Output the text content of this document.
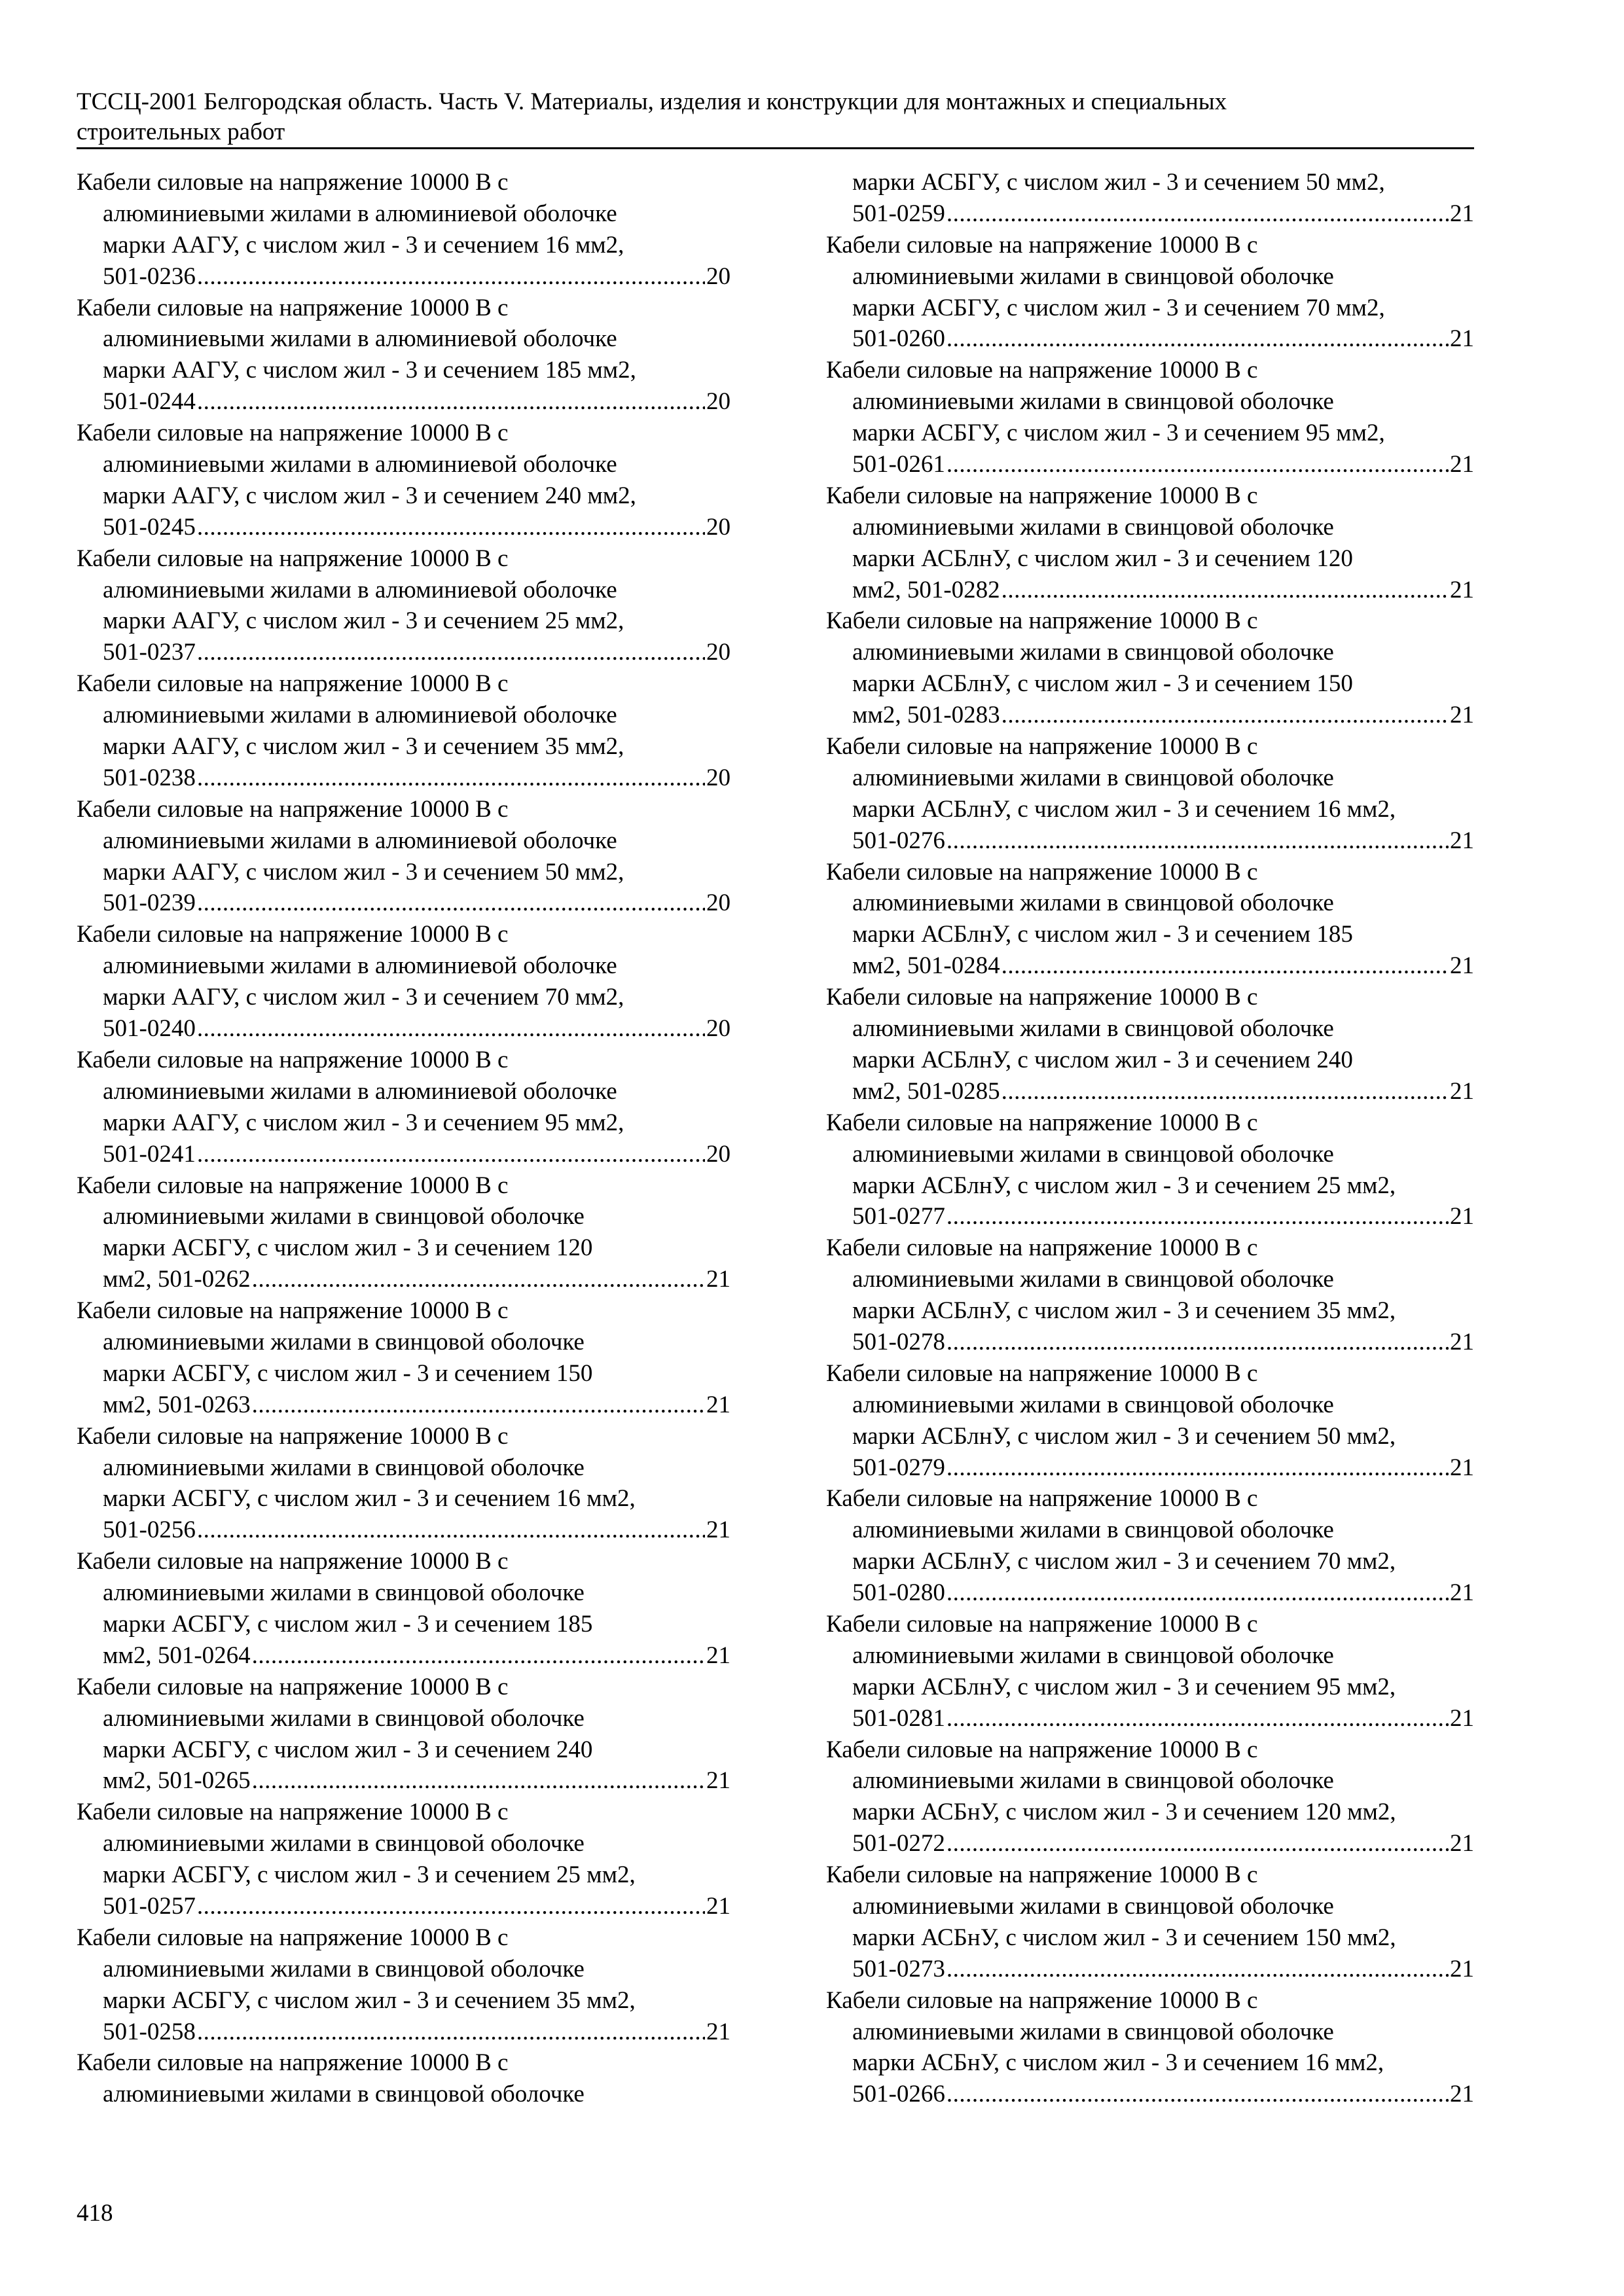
ТССЦ-2001 Белгородская область. Часть V. Материалы, изделия и конструкции для монтажных и специальных
строительных работ
Кабели силовые на напряжение 10000 В с
алюминиевыми жилами в алюминиевой оболочке
марки ААГУ, с числом жил - 3 и сечением 16 мм2,
501-0236 .....	20
Кабели силовые на напряжение 10000 В с
алюминиевыми жилами в алюминиевой оболочке
марки ААГУ, с числом жил - 3 и сечением 185 мм2,
501-0244 .....	20
Кабели силовые на напряжение 10000 В с
алюминиевыми жилами в алюминиевой оболочке
марки ААГУ, с числом жил - 3 и сечением 240 мм2,
501-0245 .....	20
Кабели силовые на напряжение 10000 В с
алюминиевыми жилами в алюминиевой оболочке
марки ААГУ, с числом жил - 3 и сечением 25 мм2,
501-0237 .....	20
Кабели силовые на напряжение 10000 В с
алюминиевыми жилами в алюминиевой оболочке
марки ААГУ, с числом жил - 3 и сечением 35 мм2,
501-0238 .....	20
Кабели силовые на напряжение 10000 В с
алюминиевыми жилами в алюминиевой оболочке
марки ААГУ, с числом жил - 3 и сечением 50 мм2,
501-0239 .....	20
Кабели силовые на напряжение 10000 В с
алюминиевыми жилами в алюминиевой оболочке
марки ААГУ, с числом жил - 3 и сечением 70 мм2,
501-0240 .....	20
Кабели силовые на напряжение 10000 В с
алюминиевыми жилами в алюминиевой оболочке
марки ААГУ, с числом жил - 3 и сечением 95 мм2,
501-0241 .....	20
Кабели силовые на напряжение 10000 В с
алюминиевыми жилами в свинцовой оболочке
марки АСБГУ, с числом жил - 3 и сечением 120
мм2, 501-0262 .....	21
Кабели силовые на напряжение 10000 В с
алюминиевыми жилами в свинцовой оболочке
марки АСБГУ, с числом жил - 3 и сечением 150
мм2, 501-0263 .....	21
Кабели силовые на напряжение 10000 В с
алюминиевыми жилами в свинцовой оболочке
марки АСБГУ, с числом жил - 3 и сечением 16 мм2,
501-0256 .....	21
Кабели силовые на напряжение 10000 В с
алюминиевыми жилами в свинцовой оболочке
марки АСБГУ, с числом жил - 3 и сечением 185
мм2, 501-0264 .....	21
Кабели силовые на напряжение 10000 В с
алюминиевыми жилами в свинцовой оболочке
марки АСБГУ, с числом жил - 3 и сечением 240
мм2, 501-0265 .....	21
Кабели силовые на напряжение 10000 В с
алюминиевыми жилами в свинцовой оболочке
марки АСБГУ, с числом жил - 3 и сечением 25 мм2,
501-0257 .....	21
Кабели силовые на напряжение 10000 В с
алюминиевыми жилами в свинцовой оболочке
марки АСБГУ, с числом жил - 3 и сечением 35 мм2,
501-0258 .....	21
Кабели силовые на напряжение 10000 В с
алюминиевыми жилами в свинцовой оболочке
марки АСБГУ, с числом жил - 3 и сечением 50 мм2,
501-0259 .....	21
Кабели силовые на напряжение 10000 В с
алюминиевыми жилами в свинцовой оболочке
марки АСБГУ, с числом жил - 3 и сечением 70 мм2,
501-0260 .....	21
Кабели силовые на напряжение 10000 В с
алюминиевыми жилами в свинцовой оболочке
марки АСБГУ, с числом жил - 3 и сечением 95 мм2,
501-0261 .....	21
Кабели силовые на напряжение 10000 В с
алюминиевыми жилами в свинцовой оболочке
марки АСБлнУ, с числом жил - 3 и сечением 120
мм2, 501-0282 .....	21
Кабели силовые на напряжение 10000 В с
алюминиевыми жилами в свинцовой оболочке
марки АСБлнУ, с числом жил - 3 и сечением 150
мм2, 501-0283 .....	21
Кабели силовые на напряжение 10000 В с
алюминиевыми жилами в свинцовой оболочке
марки АСБлнУ, с числом жил - 3 и сечением 16 мм2,
501-0276 .....	21
Кабели силовые на напряжение 10000 В с
алюминиевыми жилами в свинцовой оболочке
марки АСБлнУ, с числом жил - 3 и сечением 185
мм2, 501-0284 .....	21
Кабели силовые на напряжение 10000 В с
алюминиевыми жилами в свинцовой оболочке
марки АСБлнУ, с числом жил - 3 и сечением 240
мм2, 501-0285 .....	21
Кабели силовые на напряжение 10000 В с
алюминиевыми жилами в свинцовой оболочке
марки АСБлнУ, с числом жил - 3 и сечением 25 мм2,
501-0277 .....	21
Кабели силовые на напряжение 10000 В с
алюминиевыми жилами в свинцовой оболочке
марки АСБлнУ, с числом жил - 3 и сечением 35 мм2,
501-0278 .....	21
Кабели силовые на напряжение 10000 В с
алюминиевыми жилами в свинцовой оболочке
марки АСБлнУ, с числом жил - 3 и сечением 50 мм2,
501-0279 .....	21
Кабели силовые на напряжение 10000 В с
алюминиевыми жилами в свинцовой оболочке
марки АСБлнУ, с числом жил - 3 и сечением 70 мм2,
501-0280 .....	21
Кабели силовые на напряжение 10000 В с
алюминиевыми жилами в свинцовой оболочке
марки АСБлнУ, с числом жил - 3 и сечением 95 мм2,
501-0281 .....	21
Кабели силовые на напряжение 10000 В с
алюминиевыми жилами в свинцовой оболочке
марки АСБнУ, с числом жил - 3 и сечением 120 мм2,
501-0272 .....	21
Кабели силовые на напряжение 10000 В с
алюминиевыми жилами в свинцовой оболочке
марки АСБнУ, с числом жил - 3 и сечением 150 мм2,
501-0273 .....	21
Кабели силовые на напряжение 10000 В с
алюминиевыми жилами в свинцовой оболочке
марки АСБнУ, с числом жил - 3 и сечением 16 мм2,
501-0266 .....	21
418
